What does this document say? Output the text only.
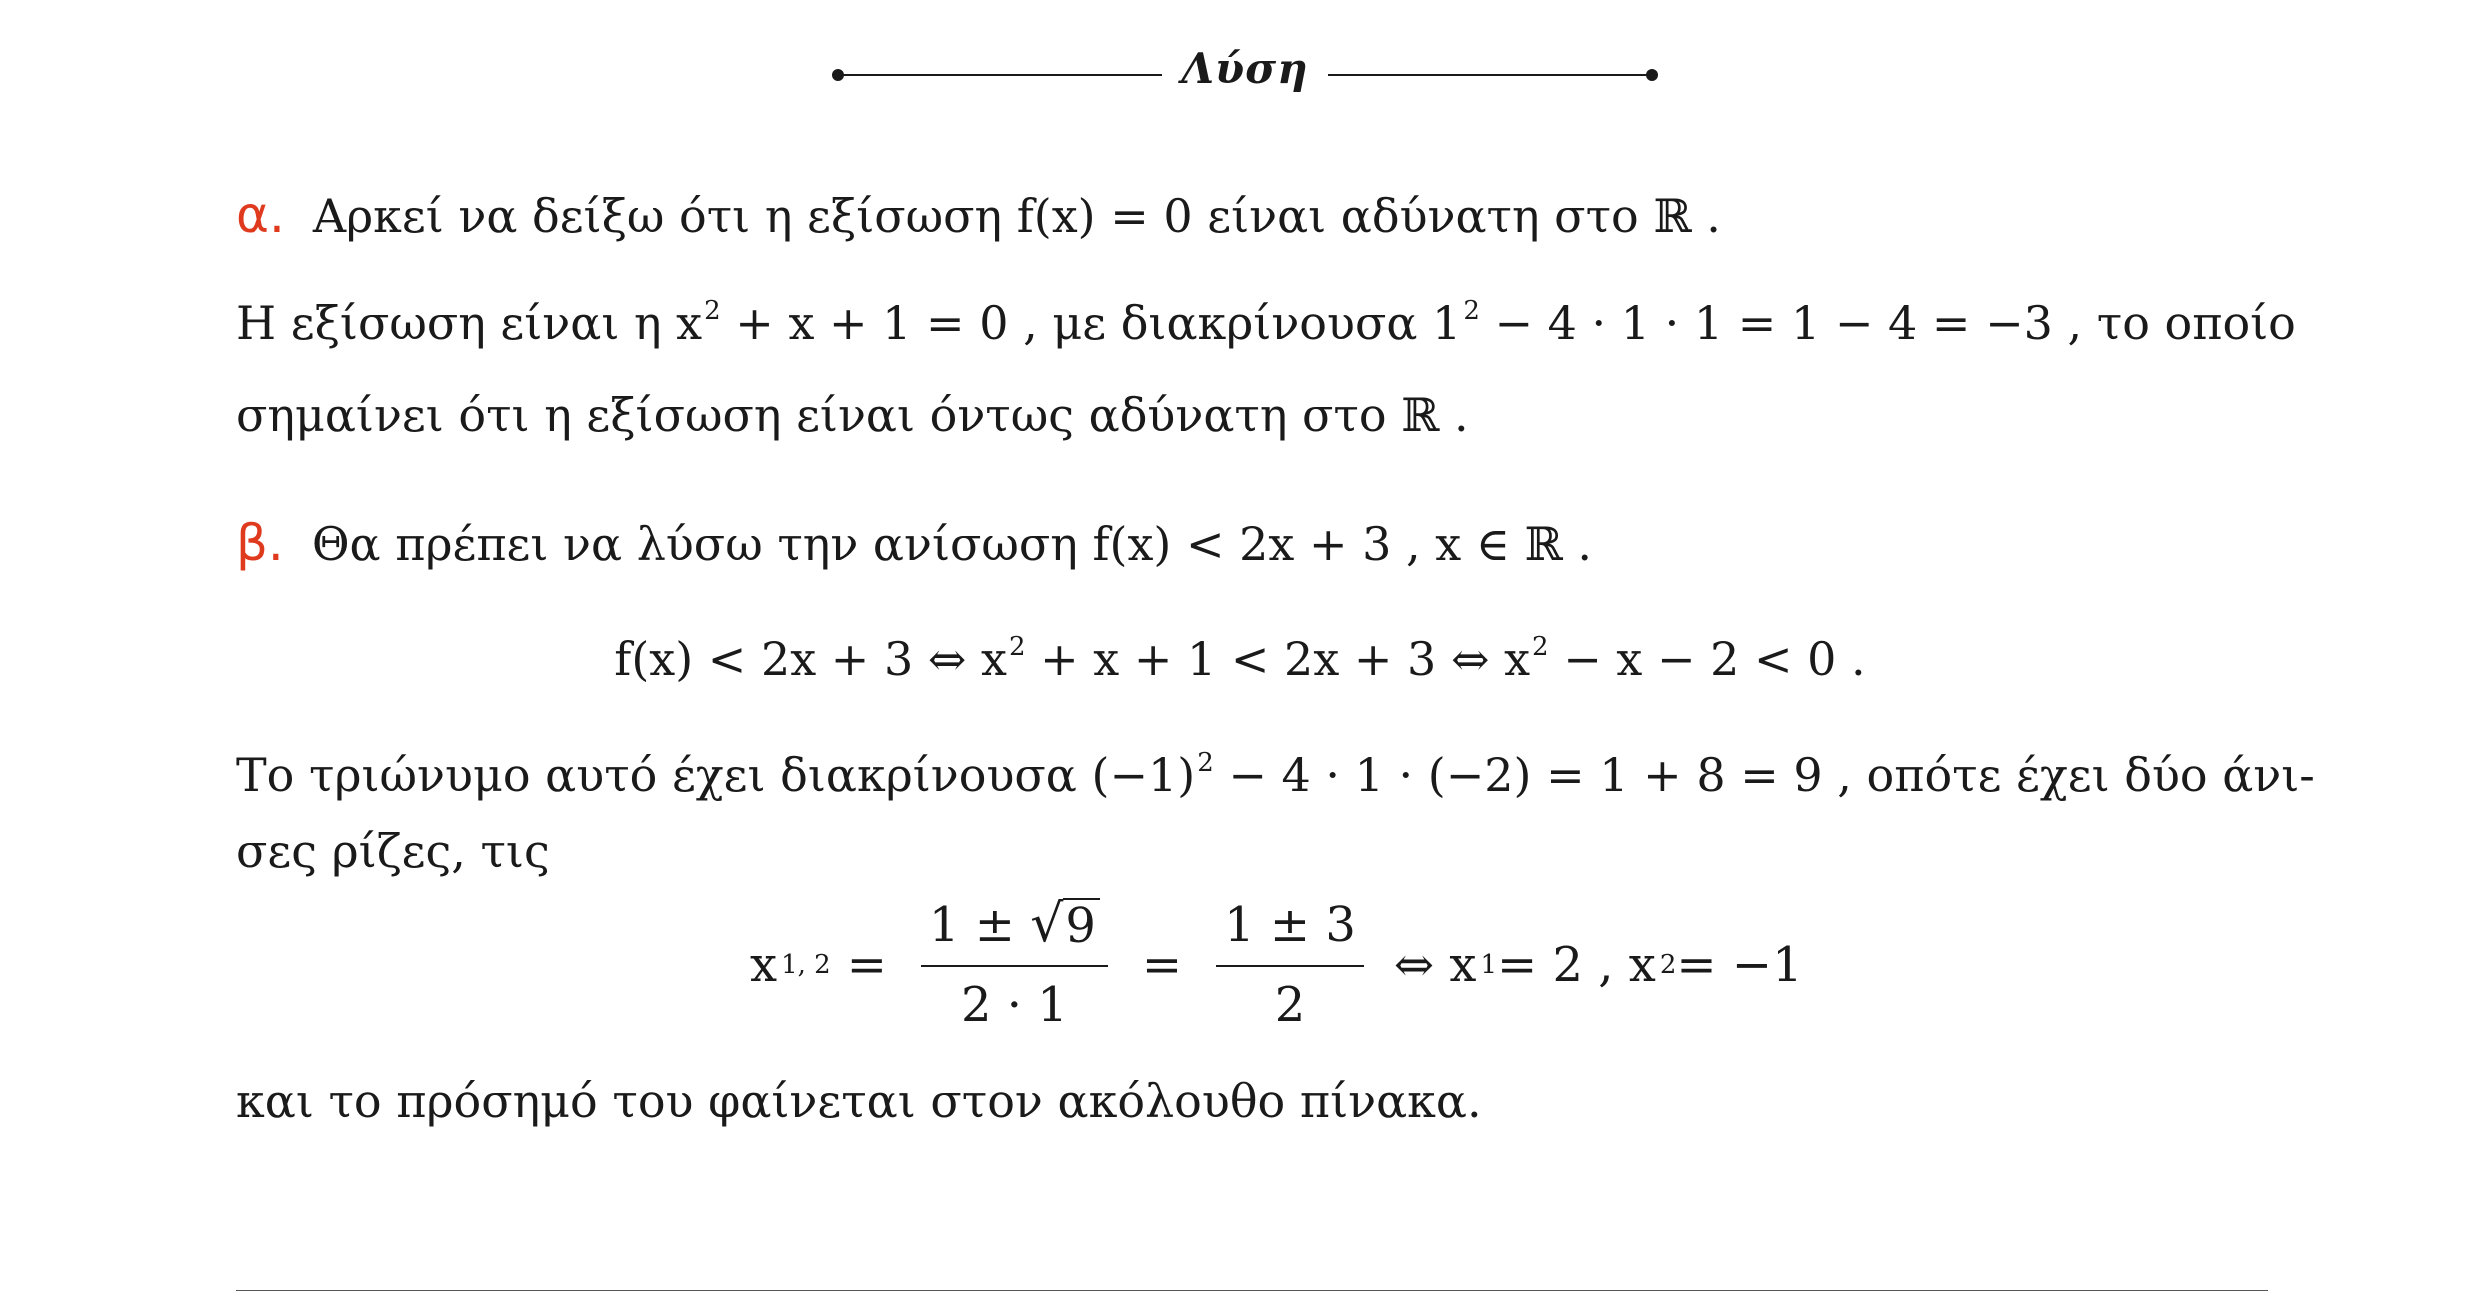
Λύση
α. Αρκεί να δείξω ότι η εξίσωση f(x) = 0 είναι αδύνατη στο ℝ .
Η εξίσωση είναι η $x^2 + x + 1 = 0$ , με διακρίνουσα $1^2 - 4 \cdot 1 \cdot 1 = 1 - 4 = -3$ , το οποίο
σημαίνει ότι η εξίσωση είναι όντως αδύνατη στο ℝ .
β. Θα πρέπει να λύσω την ανίσωση f(x) < 2x + 3 , x ∈ ℝ .
f(x) < 2x + 3 ⇔ $x^2 + x + 1 < 2x + 3$ ⇔ $x^2 - x - 2 < 0$ .
Το τριώνυμο αυτό έχει διακρίνουσα $(-1)^2 - 4 \cdot 1 \cdot (-2) = 1 + 8 = 9$ , οπότε έχει δύο άνι-
σες ρίζες, τις
x 1, $2 = \frac{1 \pm √ 9}{2 \cdot 1} = \frac{1 \pm 3}{2}$ ⇔ x 1 = 2 , x 2 = −1
και το πρόσημό του φαίνεται στον ακόλουθο πίνακα.
